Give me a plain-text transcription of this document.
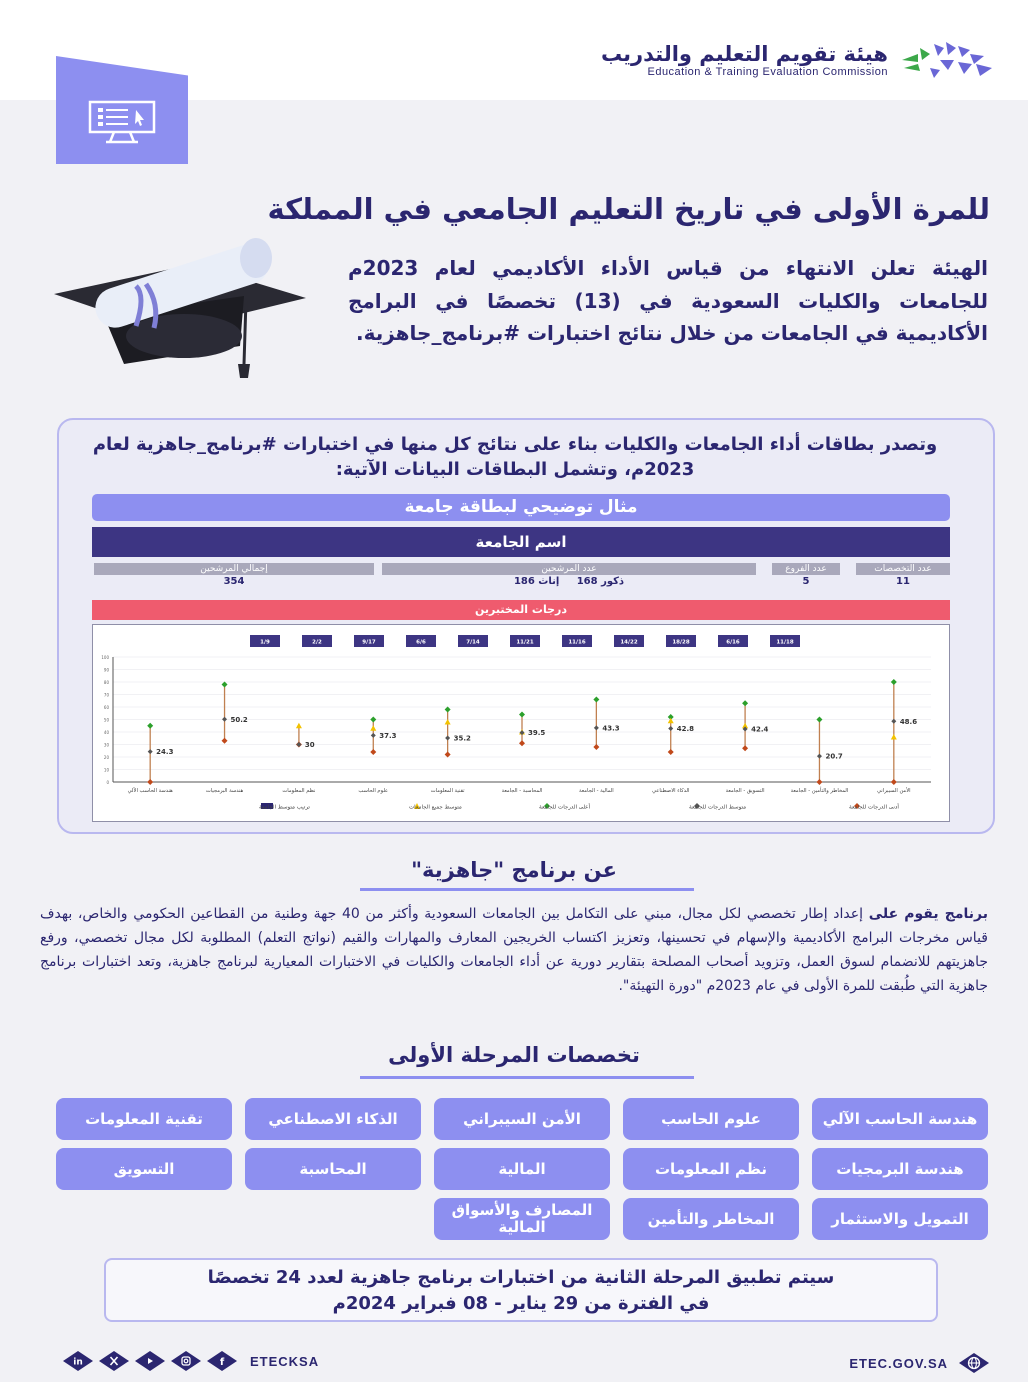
هيئة تقويم التعليم والتدريب
Education & Training Evaluation Commission
للمرة الأولى في تاريخ التعليم الجامعي في المملكة
الهيئة تعلن الانتهاء من قياس الأداء الأكاديمي لعام 2023م للجامعات والكليات السعودية في (13) تخصصًا في البرامج الأكاديمية في الجامعات من خلال نتائج اختبارات #برنامج_جاهزية.
وتصدر بطاقات أداء الجامعات والكليات بناء على نتائج كل منها في اختبارات #برنامج_جاهزية لعام 2023م، وتشمل البطاقات البيانات الآتية:
مثال توضيحي لبطاقة جامعة
اسم الجامعة
عدد التخصصات
11
عدد الفروع
5
عدد المرشحين
ذكور 168     إناث 186
إجمالي المرشحين
354
درجات المختبرين
0
10
20
30
40
50
60
70
80
90
100
1/9	2/2	9/17	6/6	7/14	11/21	11/16	14/22	18/28	6/16	11/18
48.6
الأمن السيبراني
20.7
المخاطر والتأمين - الجامعة
42.4
التسويق - الجامعة
42.8
الذكاء الاصطناعي
43.3
المالية - الجامعة
39.5
المحاسبة - الجامعة
35.2
تقنية المعلومات
37.3
علوم الحاسب
30
نظم المعلومات
50.2
هندسة البرمجيات
24.3
هندسة الحاسب الآلي
أدنى الدرجات للجامعة
متوسط الدرجات للجامعة
أعلى الدرجات للجامعة
متوسط جميع الجامعات
ترتيب متوسط الجامعة
عن برنامج "جاهزية"
برنامج يقوم على إعداد إطار تخصصي لكل مجال، مبني على التكامل بين الجامعات السعودية وأكثر من 40 جهة وطنية من القطاعين الحكومي والخاص، بهدف قياس مخرجات البرامج الأكاديمية والإسهام في تحسينها، وتعزيز اكتساب الخريجين المعارف والمهارات والقيم (نواتج التعلم) المطلوبة لكل مجال تخصصي، ورفع جاهزيتهم للانضمام لسوق العمل، وتزويد أصحاب المصلحة بتقارير دورية عن أداء الجامعات والكليات في الاختبارات المعيارية لبرنامج جاهزية، وتعد اختبارات برنامج جاهزية التي طُبقت للمرة الأولى في عام 2023م "دورة التهيئة".
تخصصات المرحلة الأولى
هندسة الحاسب الآلي
علوم الحاسب
الأمن السيبراني
الذكاء الاصطناعي
تقنية المعلومات
هندسة البرمجيات
نظم المعلومات
المالية
المحاسبة
التسويق
التمويل والاستثمار
المخاطر والتأمين
المصارف والأسواق المالية
سيتم تطبيق المرحلة الثانية من اختبارات برنامج جاهزية لعدد 24 تخصصًا
في الفترة من 29 يناير - 08 فبراير 2024م
ETEC.GOV.SA
in	f ETECKSA
